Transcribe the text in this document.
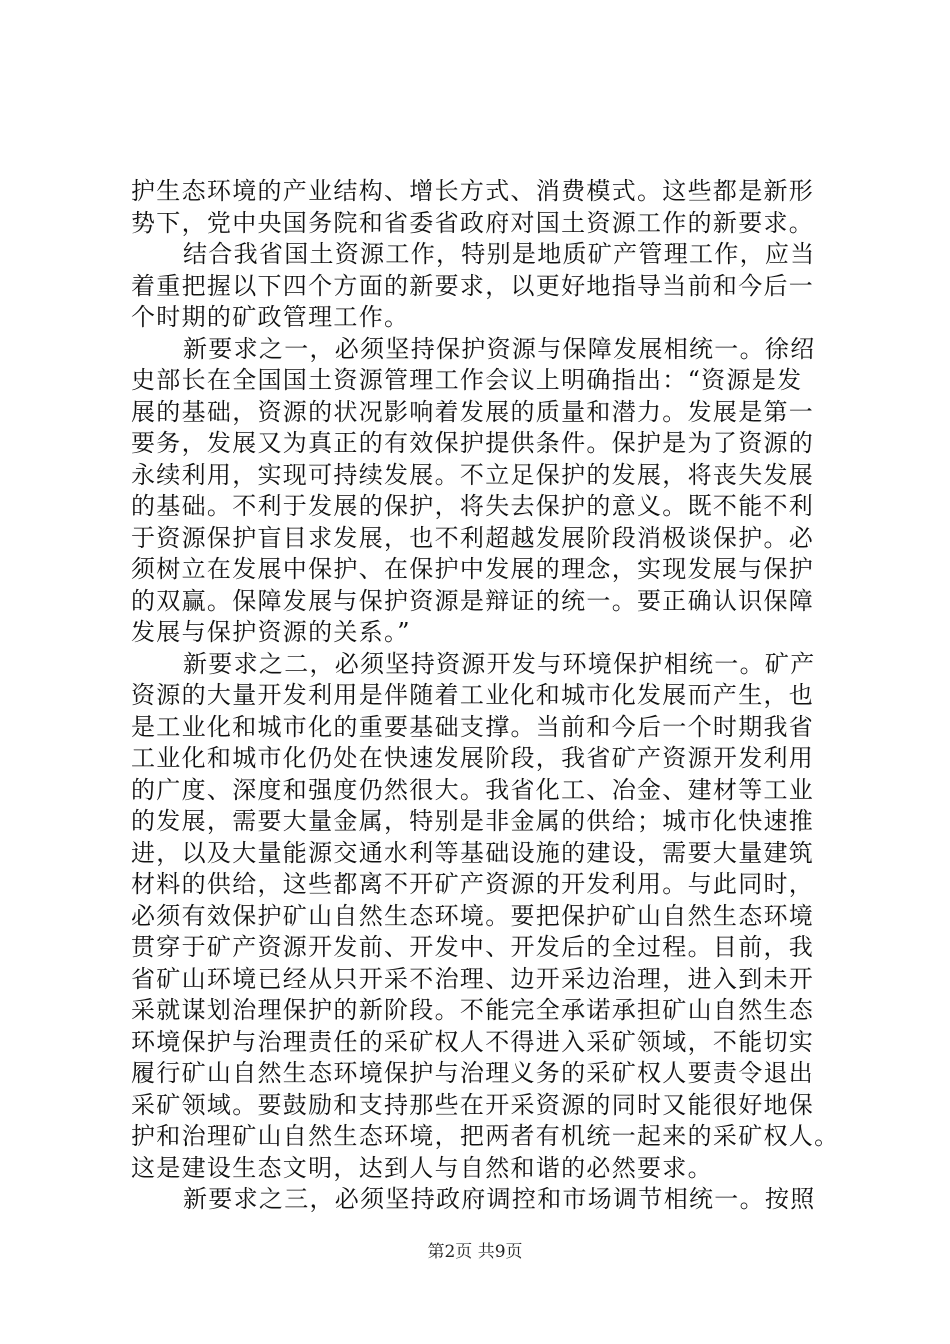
护生态环境的产业结构、增长方式、消费模式。这些都是新形
势下，党中央国务院和省委省政府对国土资源工作的新要求。
结合我省国土资源工作，特别是地质矿产管理工作，应当
着重把握以下四个方面的新要求，以更好地指导当前和今后一
个时期的矿政管理工作。
新要求之一，必须坚持保护资源与保障发展相统一。徐绍
史部长在全国国土资源管理工作会议上明确指出：“资源是发
展的基础，资源的状况影响着发展的质量和潜力。发展是第一
要务，发展又为真正的有效保护提供条件。保护是为了资源的
永续利用，实现可持续发展。不立足保护的发展，将丧失发展
的基础。不利于发展的保护，将失去保护的意义。既不能不利
于资源保护盲目求发展，也不利超越发展阶段消极谈保护。必
须树立在发展中保护、在保护中发展的理念，实现发展与保护
的双赢。保障发展与保护资源是辩证的统一。要正确认识保障
发展与保护资源的关系。”
新要求之二，必须坚持资源开发与环境保护相统一。矿产
资源的大量开发利用是伴随着工业化和城市化发展而产生，也
是工业化和城市化的重要基础支撑。当前和今后一个时期我省
工业化和城市化仍处在快速发展阶段，我省矿产资源开发利用
的广度、深度和强度仍然很大。我省化工、冶金、建材等工业
的发展，需要大量金属，特别是非金属的供给；城市化快速推
进，以及大量能源交通水利等基础设施的建设，需要大量建筑
材料的供给，这些都离不开矿产资源的开发利用。与此同时，
必须有效保护矿山自然生态环境。要把保护矿山自然生态环境
贯穿于矿产资源开发前、开发中、开发后的全过程。目前，我
省矿山环境已经从只开采不治理、边开采边治理，进入到未开
采就谋划治理保护的新阶段。不能完全承诺承担矿山自然生态
环境保护与治理责任的采矿权人不得进入采矿领域，不能切实
履行矿山自然生态环境保护与治理义务的采矿权人要责令退出
采矿领域。要鼓励和支持那些在开采资源的同时又能很好地保
护和治理矿山自然生态环境，把两者有机统一起来的采矿权人。
这是建设生态文明，达到人与自然和谐的必然要求。
新要求之三，必须坚持政府调控和市场调节相统一。按照
第2页 共9页
